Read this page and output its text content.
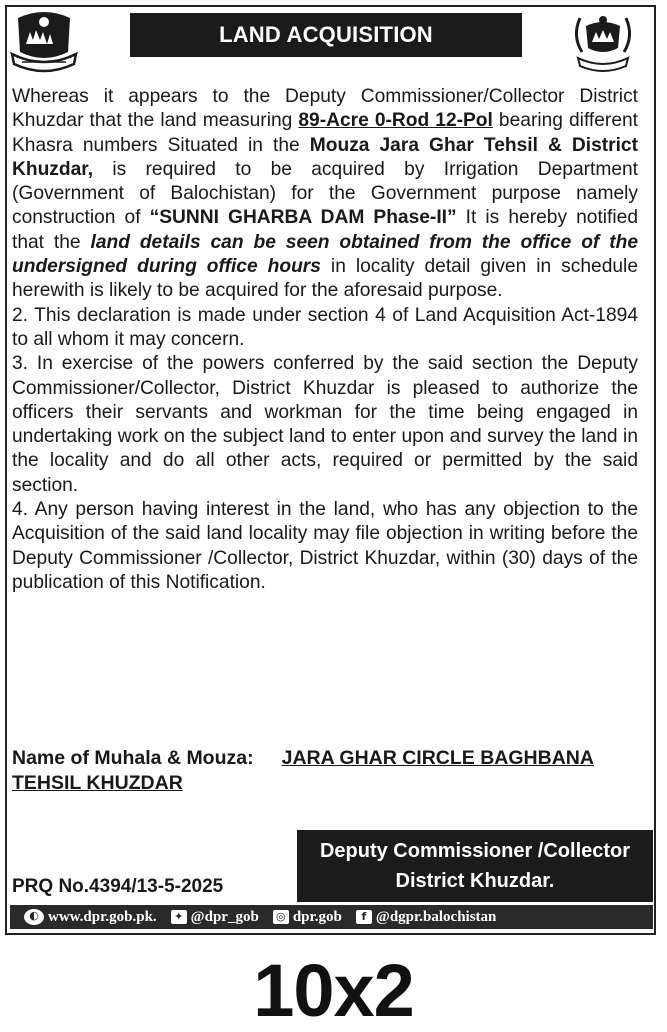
LAND ACQUISITION

Whereas it appears to the Deputy Commissioner/Collector District Khuzdar that the land measuring 89-Acre 0-Rod 12-Pol bearing different Khasra numbers Situated in the Mouza Jara Ghar Tehsil & District Khuzdar, is required to be acquired by Irrigation Department (Government of Balochistan) for the Government purpose namely construction of “SUNNI GHARBA DAM Phase-II” It is hereby notified that the land details can be seen obtained from the office of the undersigned during office hours in locality detail given in schedule herewith is likely to be acquired for the aforesaid purpose.

2. This declaration is made under section 4 of Land Acquisition Act-1894 to all whom it may concern.

3. In exercise of the powers conferred by the said section the Deputy Commissioner/Collector, District Khuzdar is pleased to authorize the officers their servants and workman for the time being engaged in undertaking work on the subject land to enter upon and survey the land in the locality and do all other acts, required or permitted by the said section.

4. Any person having interest in the land, who has any objection to the Acquisition of the said land locality may file objection in writing before the Deputy Commissioner /Collector, District Khuzdar, within (30) days of the publication of this Notification.

Name of Muhala & Mouza: JARA GHAR CIRCLE BAGHBANA
TEHSIL KHUZDAR
Deputy Commissioner /Collector
District Khuzdar.
PRQ No.4394/13-5-2025
◐ www.dpr.gob.pk.	✦ @dpr_gob ◎ dpr.gob	f @dgpr.balochistan
10x2
